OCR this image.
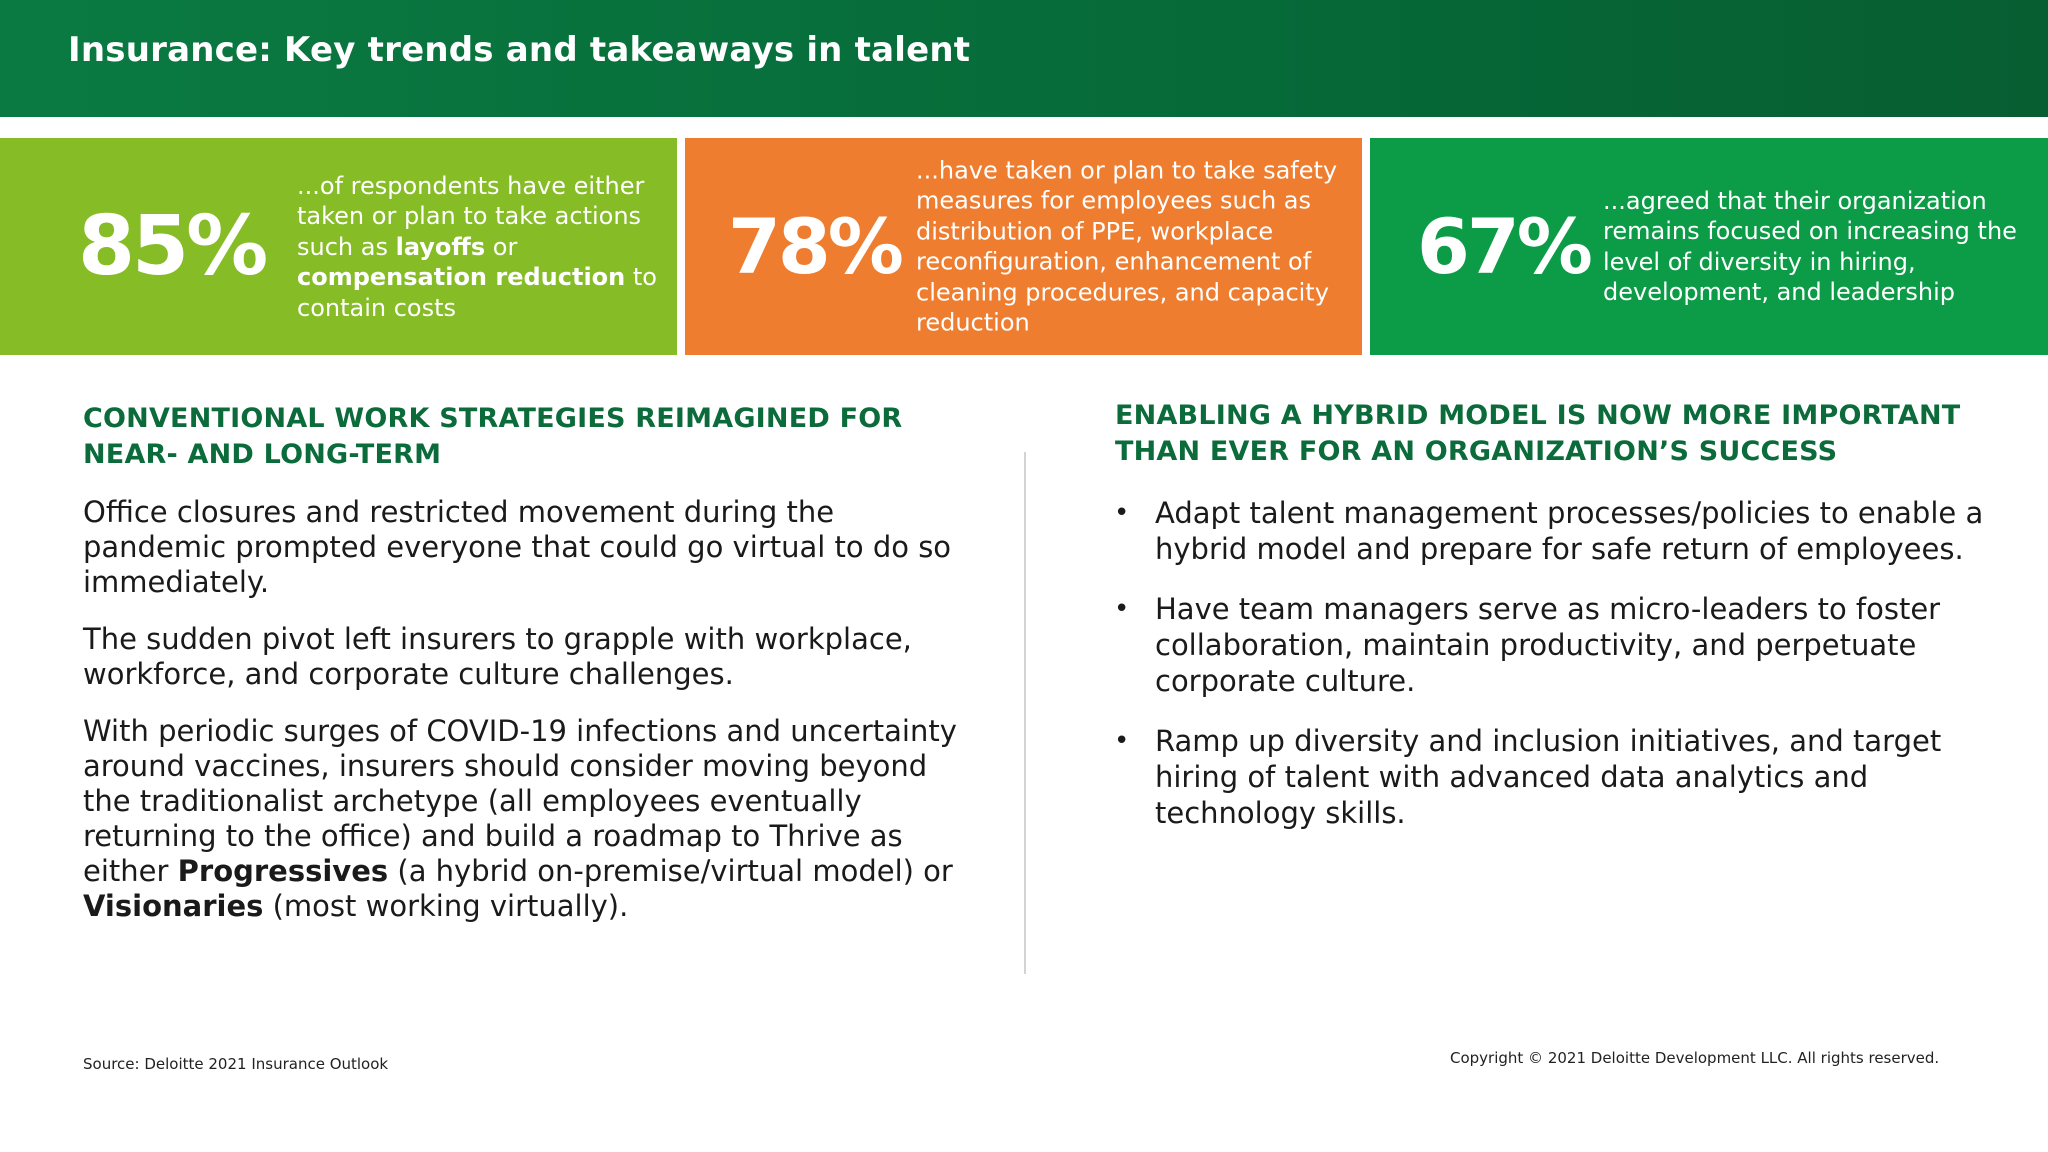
Insurance: Key trends and takeaways in talent
85%
...of respondents have either taken or plan to take actions such as layoffs or compensation reduction to contain costs
78%
...have taken or plan to take safety measures for employees such as distribution of PPE, workplace reconfiguration, enhancement of cleaning procedures, and capacity reduction
67%
...agreed that their organization remains focused on increasing the level of diversity in hiring, development, and leadership
CONVENTIONAL WORK STRATEGIES REIMAGINED FOR NEAR- AND LONG-TERM

Office closures and restricted movement during the pandemic prompted everyone that could go virtual to do so immediately.

The sudden pivot left insurers to grapple with workplace, workforce, and corporate culture challenges.

With periodic surges of COVID-19 infections and uncertainty around vaccines, insurers should consider moving beyond the traditionalist archetype (all employees eventually returning to the office) and build a roadmap to Thrive as either Progressives (a hybrid on-premise/virtual model) or Visionaries (most working virtually).

ENABLING A HYBRID MODEL IS NOW MORE IMPORTANT THAN EVER FOR AN ORGANIZATION’S SUCCESS
• Adapt talent management processes/policies to enable a hybrid model and prepare for safe return of employees.
• Have team managers serve as micro-leaders to foster collaboration, maintain productivity, and perpetuate corporate culture.
• Ramp up diversity and inclusion initiatives, and target hiring of talent with advanced data analytics and technology skills.
Source: Deloitte 2021 Insurance Outlook	Copyright © 2021 Deloitte Development LLC. All rights reserved.
